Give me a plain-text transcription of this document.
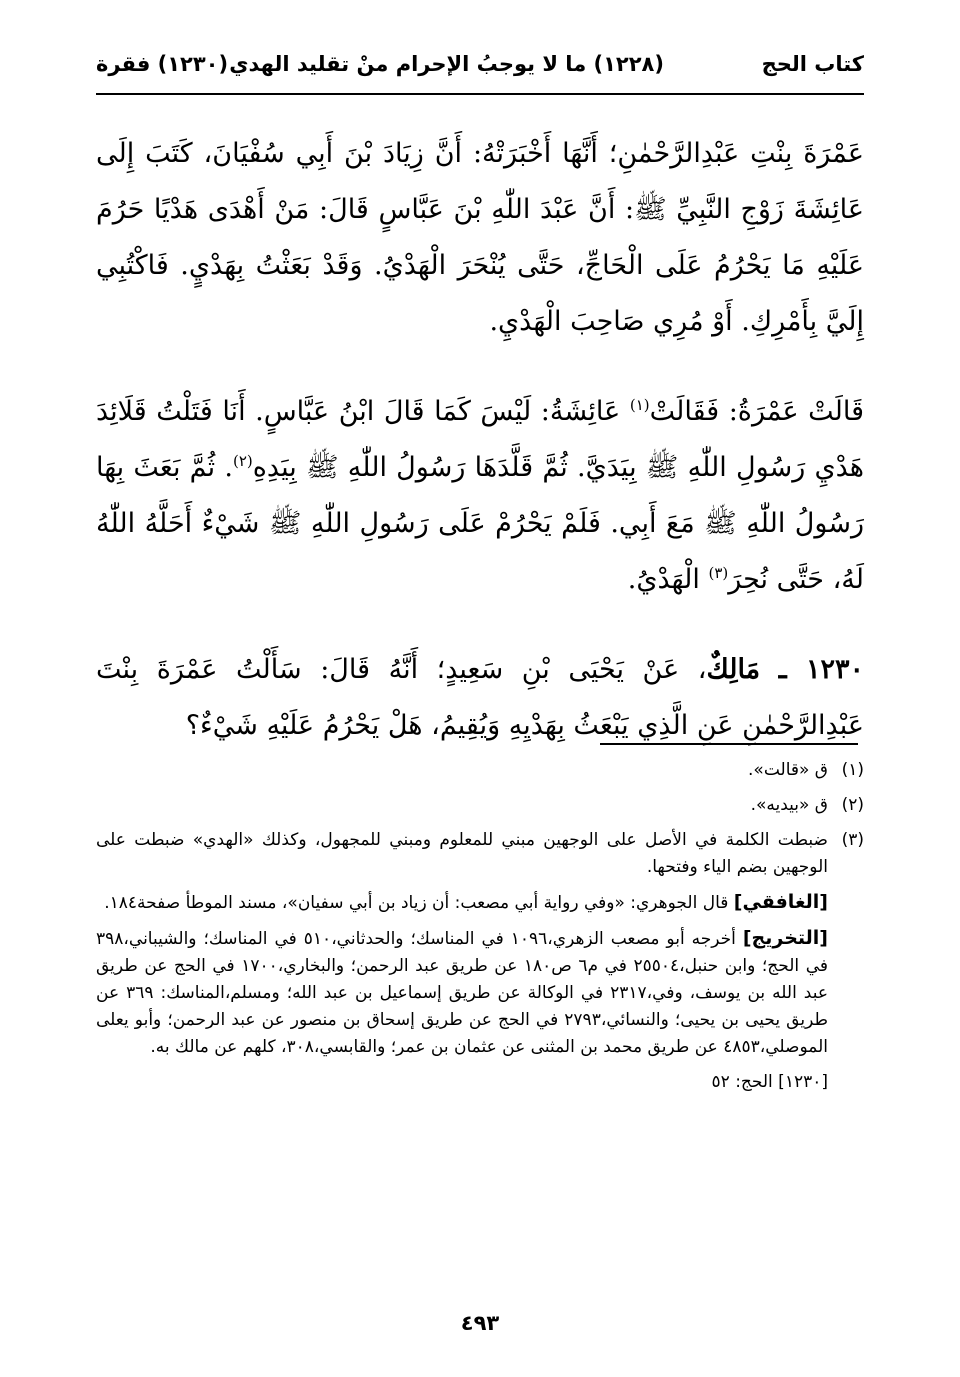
كتاب الحج
(١٢٢٨) ما لا يوجبُ الإحرام منْ تقليد الهدي
(١٢٣٠) فقرة

عَمْرَةَ بِنْتِ عَبْدِالرَّحْمٰنِ؛ أَنَّهَا أَخْبَرَتْهُ: أَنَّ زِيَادَ بْنَ أَبِي سُفْيَانَ، كَتَبَ إِلَى عَائِشَةَ زَوْجِ النَّبِيِّ ﷺ: أَنَّ عَبْدَ اللّٰهِ بْنَ عَبَّاسٍ قَالَ: مَنْ أَهْدَى هَدْيًا حَرُمَ عَلَيْهِ مَا يَحْرُمُ عَلَى الْحَاجِّ، حَتَّى يُنْحَرَ الْهَدْيُ. وَقَدْ بَعَثْتُ بِهَدْيٍ. فَاكْتُبِي إِلَيَّ بِأَمْرِكِ. أَوْ مُرِي صَاحِبَ الْهَدْيِ.

قَالَتْ عَمْرَةُ: فَقَالَتْ$^{(١)}$ عَائِشَةُ: لَيْسَ كَمَا قَالَ ابْنُ عَبَّاسٍ. أَنَا فَتَلْتُ قَلَائِدَ هَدْيِ رَسُولِ اللّٰهِ ﷺ بِيَدَيَّ. ثُمَّ قَلَّدَهَا رَسُولُ اللّٰهِ ﷺ بِيَدِهِ$^{(٢)}$. ثُمَّ بَعَثَ بِهَا رَسُولُ اللّٰهِ ﷺ مَعَ أَبِي. فَلَمْ يَحْرُمْ عَلَى رَسُولِ اللّٰهِ ﷺ شَيْءٌ أَحَلَّهُ اللّٰهُ لَهُ، حَتَّى نُحِرَ$^{(٣)}$ الْهَدْيُ.

١٢٣٠ ـ مَالِكٌ، عَنْ يَحْيَى بْنِ سَعِيدٍ؛ أَنَّهُ قَالَ: سَأَلْتُ عَمْرَةَ بِنْتَ عَبْدِالرَّحْمٰنِ عَنِ الَّذِي يَبْعَثُ بِهَدْيِهِ وَيُقِيمُ، هَلْ يَحْرُمُ عَلَيْهِ شَيْءٌ؟

(١)
ق «قالت».
(٢)
ق «بيديه».
(٣)
ضبطت الكلمة في الأصل على الوجهين مبني للمعلوم ومبني للمجهول، وكذلك «الهدي» ضبطت على الوجهين بضم الياء وفتحها.
[الغافقي] قال الجوهري: «وفي رواية أبي مصعب: أن زياد بن أبي سفيان»، مسند الموطأ صفحة١٨٤.
[التخريج] أخرجه أبو مصعب الزهري،١٠٩٦ في المناسك؛ والحدثاني،٥١٠ في المناسك؛ والشيباني،٣٩٨ في الحج؛ وابن حنبل،٢٥٥٠٤ في م٦ ص١٨٠ عن طريق عبد الرحمن؛ والبخاري،١٧٠٠ في الحج عن طريق عبد الله بن يوسف، وفي،٢٣١٧ في الوكالة عن طريق إسماعيل بن عبد الله؛ ومسلم،المناسك: ٣٦٩ عن طريق يحيى بن يحيى؛ والنسائي،٢٧٩٣ في الحج عن طريق إسحاق بن منصور عن عبد الرحمن؛ وأبو يعلى الموصلي،٤٨٥٣ عن طريق محمد بن المثنى عن عثمان بن عمر؛ والقابسي،٣٠٨، كلهم عن مالك به.
[١٢٣٠] الحج: ٥٢
٤٩٣
